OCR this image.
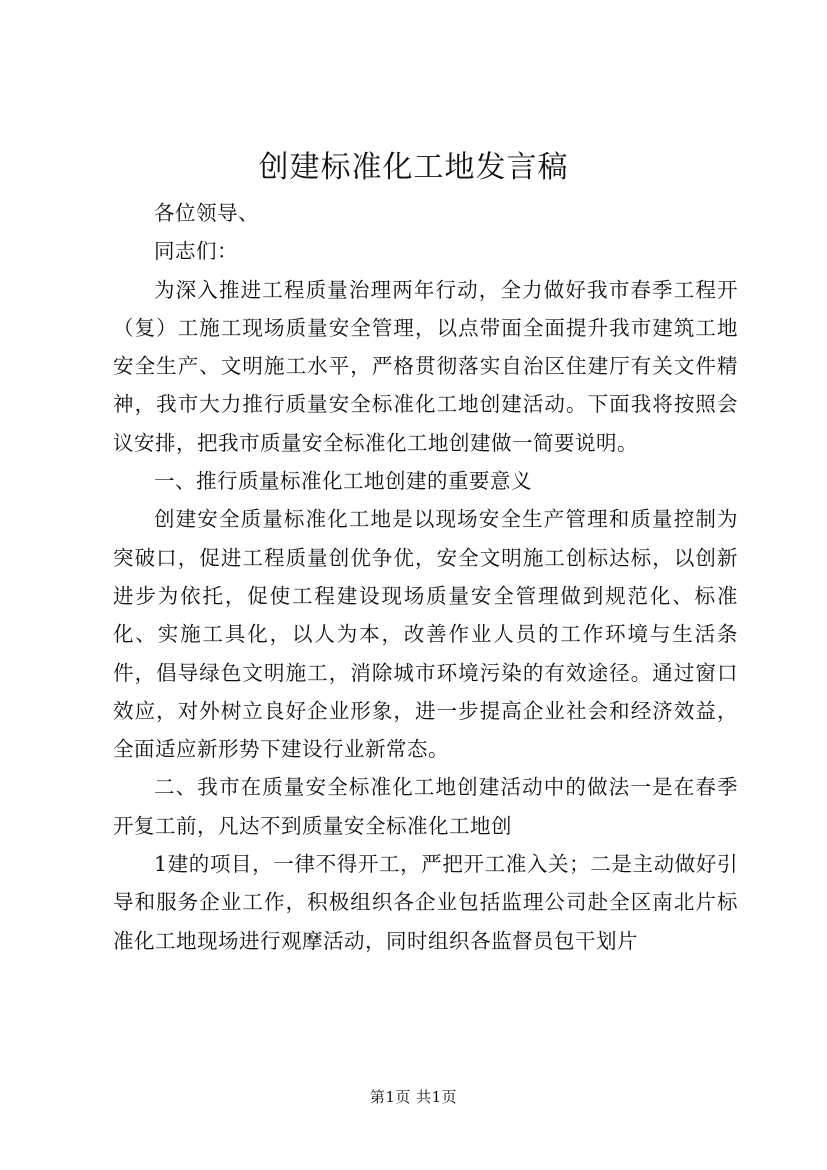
创建标准化工地发言稿

各位领导、

同志们：

为深入推进工程质量治理两年行动，全力做好我市春季工程开（复）工施工现场质量安全管理，以点带面全面提升我市建筑工地安全生产、文明施工水平，严格贯彻落实自治区住建厅有关文件精神，我市大力推行质量安全标准化工地创建活动。下面我将按照会议安排，把我市质量安全标准化工地创建做一简要说明。

一、推行质量标准化工地创建的重要意义

创建安全质量标准化工地是以现场安全生产管理和质量控制为突破口，促进工程质量创优争优，安全文明施工创标达标，以创新进步为依托，促使工程建设现场质量安全管理做到规范化、标准化、实施工具化，以人为本，改善作业人员的工作环境与生活条件，倡导绿色文明施工，消除城市环境污染的有效途径。通过窗口效应，对外树立良好企业形象，进一步提高企业社会和经济效益，全面适应新形势下建设行业新常态。

二、我市在质量安全标准化工地创建活动中的做法一是在春季开复工前，凡达不到质量安全标准化工地创

1建的项目，一律不得开工，严把开工准入关；二是主动做好引导和服务企业工作，积极组织各企业包括监理公司赴全区南北片标准化工地现场进行观摩活动，同时组织各监督员包干划片

第1页 共1页
